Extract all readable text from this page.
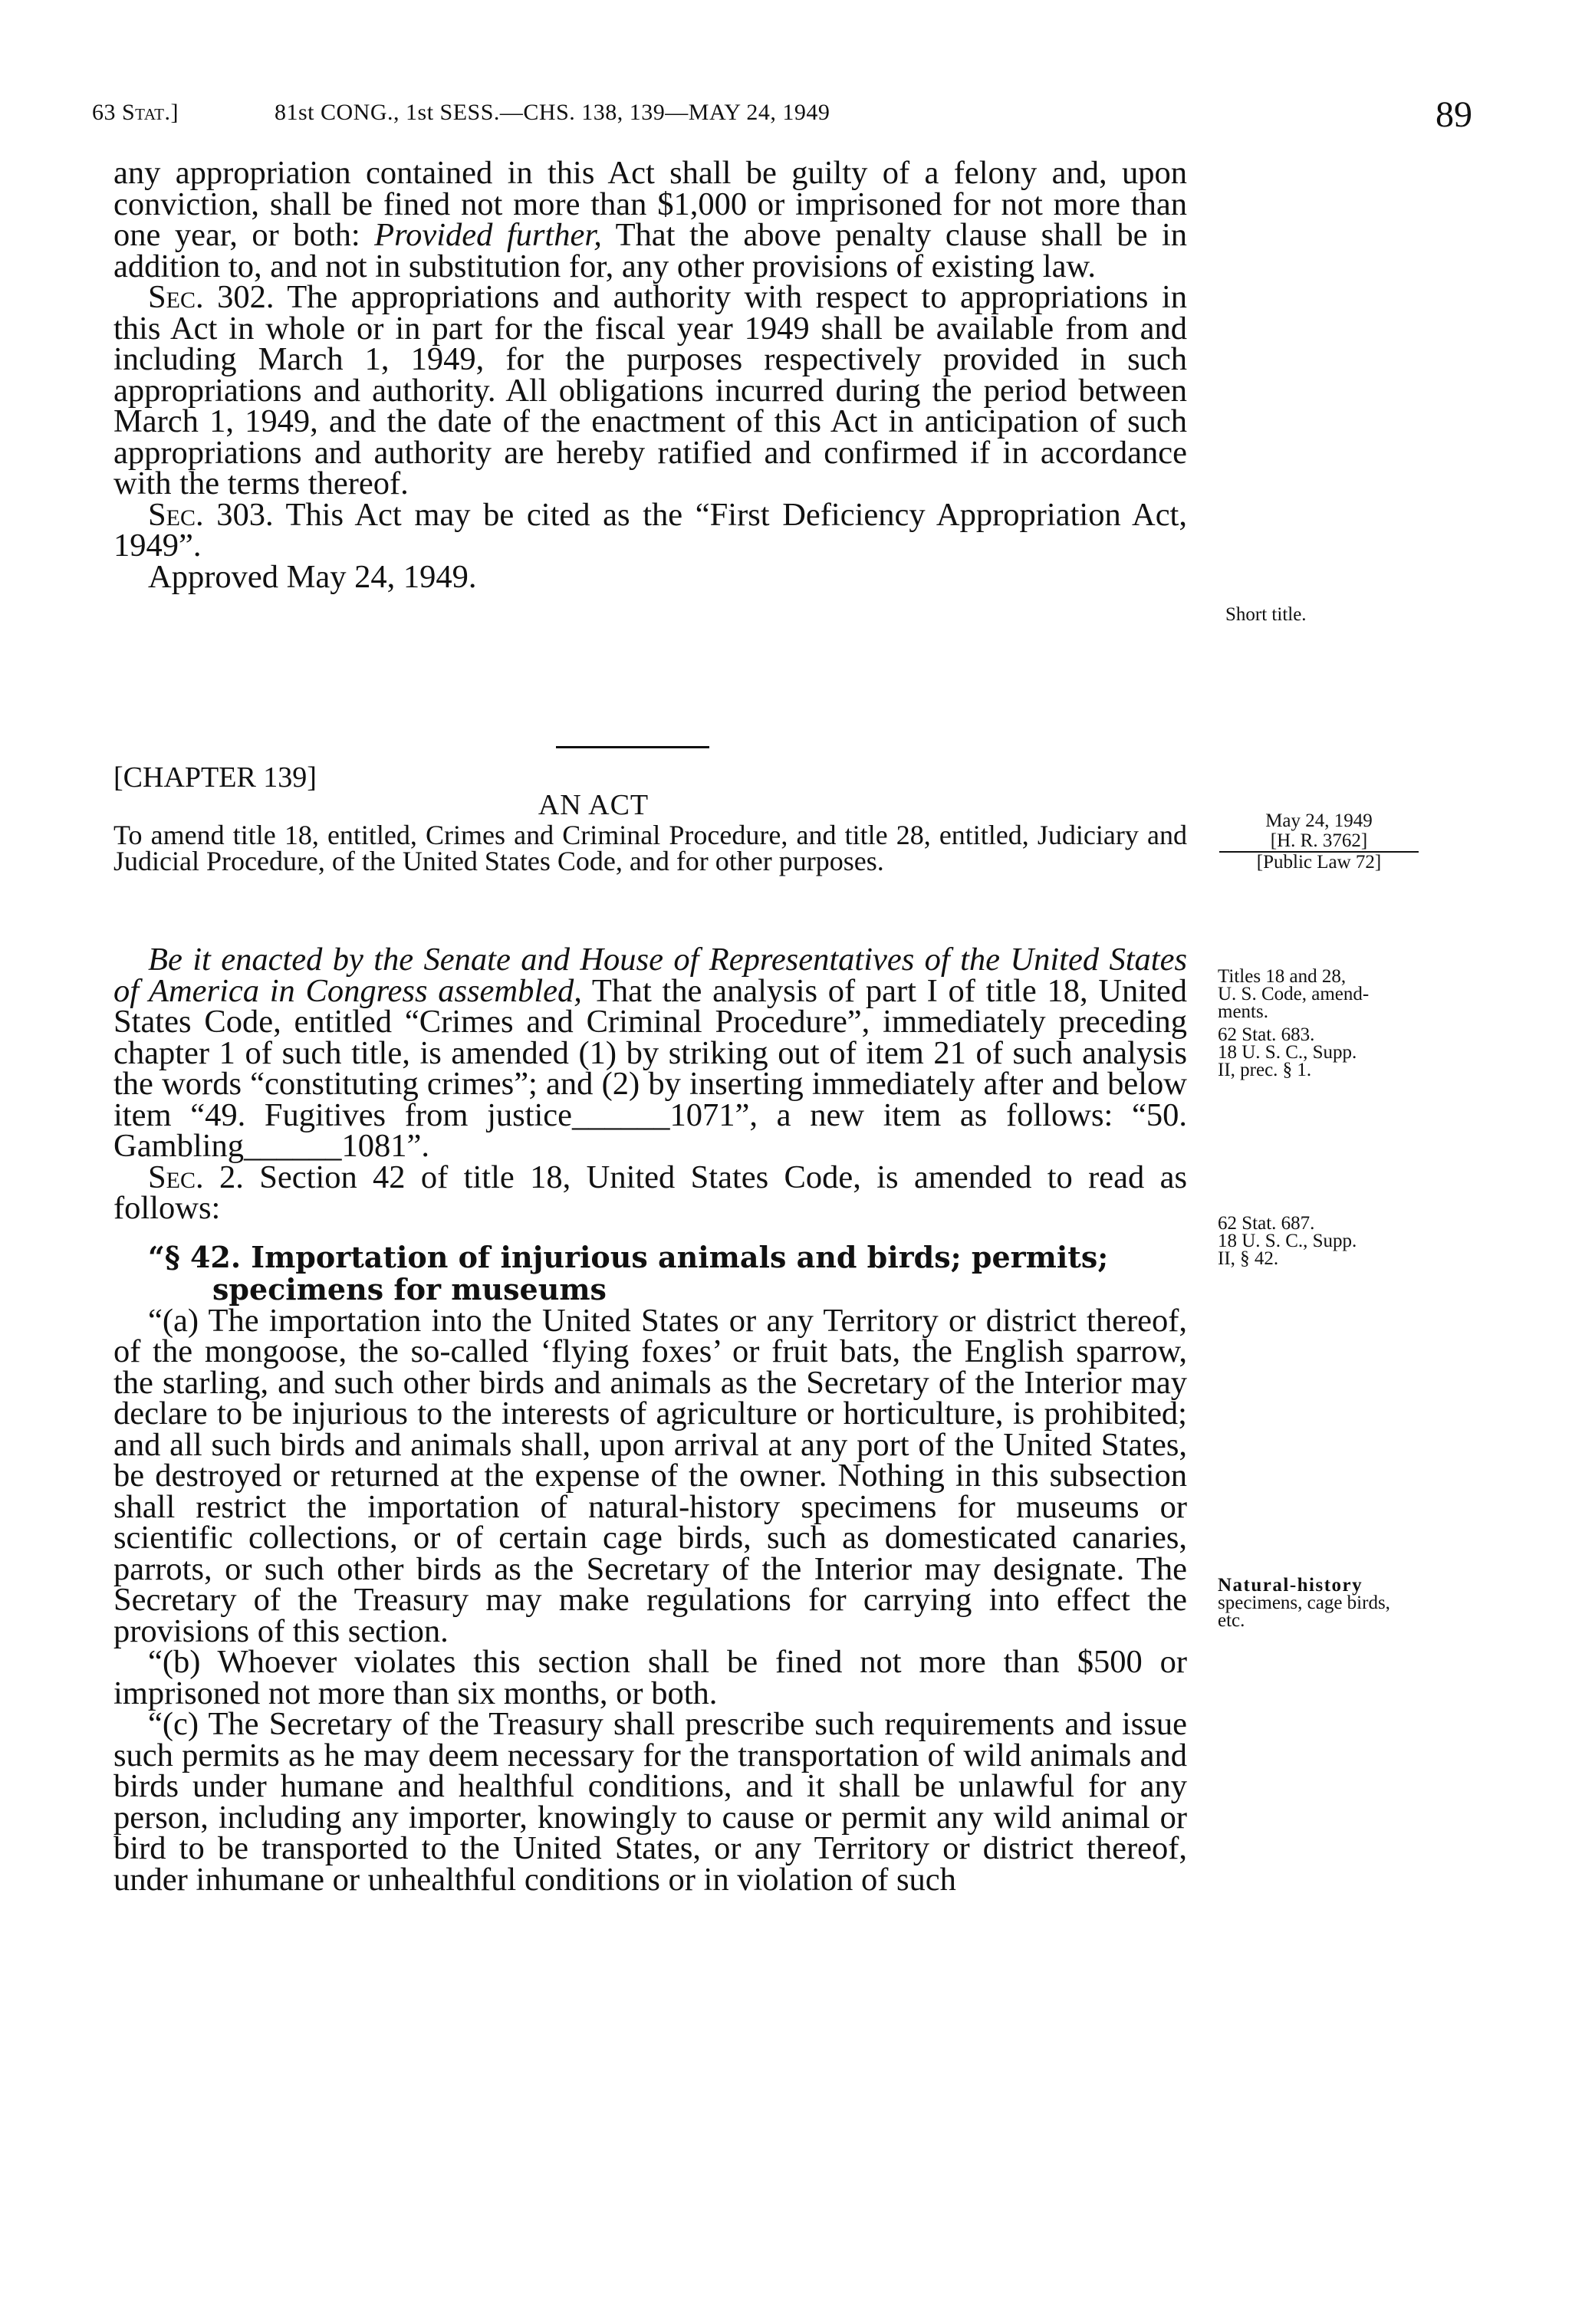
63 Stat.]	81st CONG., 1st SESS.—CHS. 138, 139—MAY 24, 1949	89

any appropriation contained in this Act shall be guilty of a felony and, upon conviction, shall be fined not more than $1,000 or imprisoned for not more than one year, or both: Provided further, That the above penalty clause shall be in addition to, and not in substitution for, any other provisions of existing law.

Sec. 302. The appropriations and authority with respect to appropriations in this Act in whole or in part for the fiscal year 1949 shall be available from and including March 1, 1949, for the purposes respectively provided in such appropriations and authority. All obligations incurred during the period between March 1, 1949, and the date of the enactment of this Act in anticipation of such appropriations and authority are hereby ratified and confirmed if in accordance with the terms thereof.

Sec. 303. This Act may be cited as the “First Deficiency Appropriation Act, 1949”.

Approved May 24, 1949.

Short title.
[CHAPTER 139]
AN ACT
To amend title 18, entitled, Crimes and Criminal Procedure, and title 28, entitled, Judiciary and Judicial Procedure, of the United States Code, and for other purposes.
May 24, 1949
[H. R. 3762]
[Public Law 72]

Be it enacted by the Senate and House of Representatives of the United States of America in Congress assembled, That the analysis of part I of title 18, United States Code, entitled “Crimes and Criminal Procedure”, immediately preceding chapter 1 of such title, is amended (1) by striking out of item 21 of such analysis the words “constituting crimes”; and (2) by inserting immediately after and below item “49. Fugitives from justice______1071”, a new item as follows: “50. Gambling______1081”.

Sec. 2. Section 42 of title 18, United States Code, is amended to read as follows:

“§ 42. Importation of injurious animals and birds; permits;
specimens for museums

“(a) The importation into the United States or any Territory or district thereof, of the mongoose, the so-called ‘flying foxes’ or fruit bats, the English sparrow, the starling, and such other birds and animals as the Secretary of the Interior may declare to be injurious to the interests of agriculture or horticulture, is prohibited; and all such birds and animals shall, upon arrival at any port of the United States, be destroyed or returned at the expense of the owner. Nothing in this subsection shall restrict the importation of natural-history specimens for museums or scientific collections, or of certain cage birds, such as domesticated canaries, parrots, or such other birds as the Secretary of the Interior may designate. The Secretary of the Treasury may make regulations for carrying into effect the provisions of this section.

“(b) Whoever violates this section shall be fined not more than $500 or imprisoned not more than six months, or both.

“(c) The Secretary of the Treasury shall prescribe such requirements and issue such permits as he may deem necessary for the transportation of wild animals and birds under humane and healthful conditions, and it shall be unlawful for any person, including any importer, knowingly to cause or permit any wild animal or bird to be transported to the United States, or any Territory or district thereof, under inhumane or unhealthful conditions or in violation of such

Titles 18 and 28,
U. S. Code, amend-
ments.
62 Stat. 683.
18 U. S. C., Supp.
II, prec. § 1.
62 Stat. 687.
18 U. S. C., Supp.
II, § 42.
Natural-history
specimens, cage birds,
etc.
